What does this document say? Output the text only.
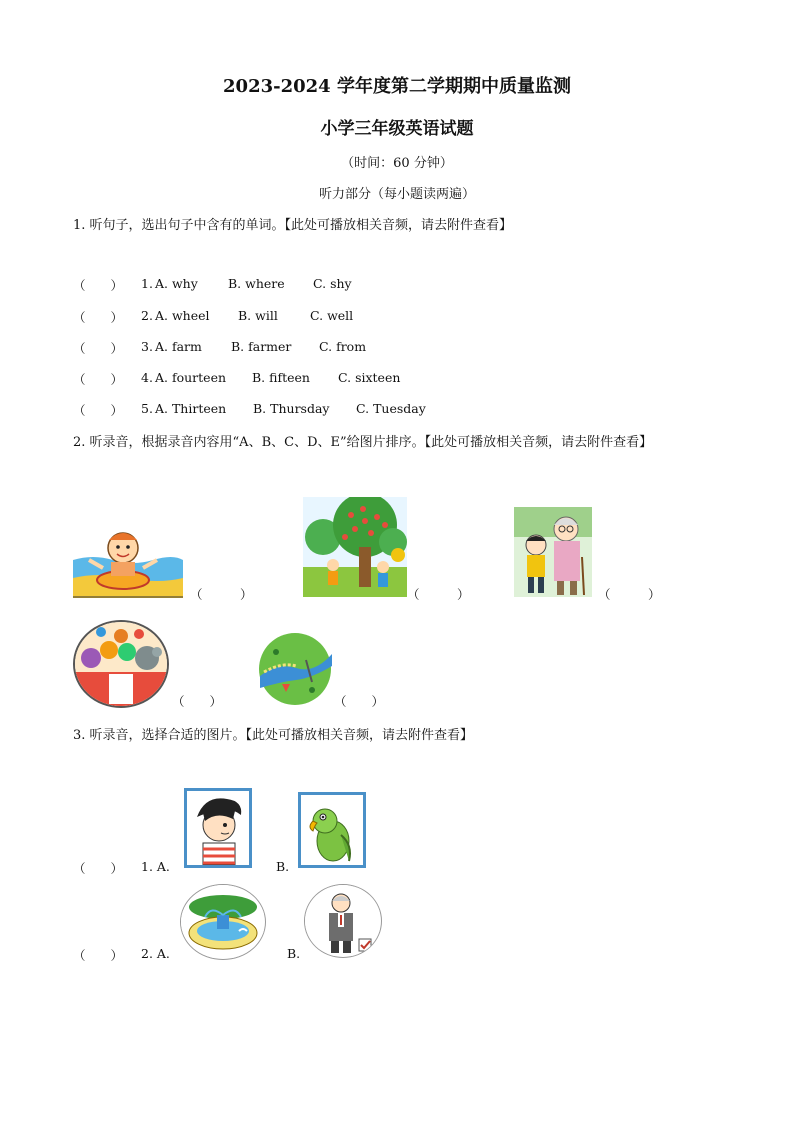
2023-2024 学年度第二学期期中质量监测
小学三年级英语试题
（时间：60 分钟）
听力部分（每小题读两遍）
1. 听句子，选出句子中含有的单词。【此处可播放相关音频，请去附件查看】
（　　） 1. A. why B. where C. shy
（　　） 2. A. wheel B. will	C. well
（　　） 3. A. farm B. farmer C. from
（　　） 4. A. fourteen B. fifteen C. sixteen
（　　） 5. A. Thirteen B. Thursday C. Tuesday
2. 听录音，根据录音内容用“A、B、C、D、E”给图片排序。【此处可播放相关音频，请去附件查看】
（　　　）	（　　　）	（　　　）
（　　）	（　　）
3. 听录音，选择合适的图片。【此处可播放相关音频，请去附件查看】
（　　） 1. A.	B.
（　　） 2. A.	B.
